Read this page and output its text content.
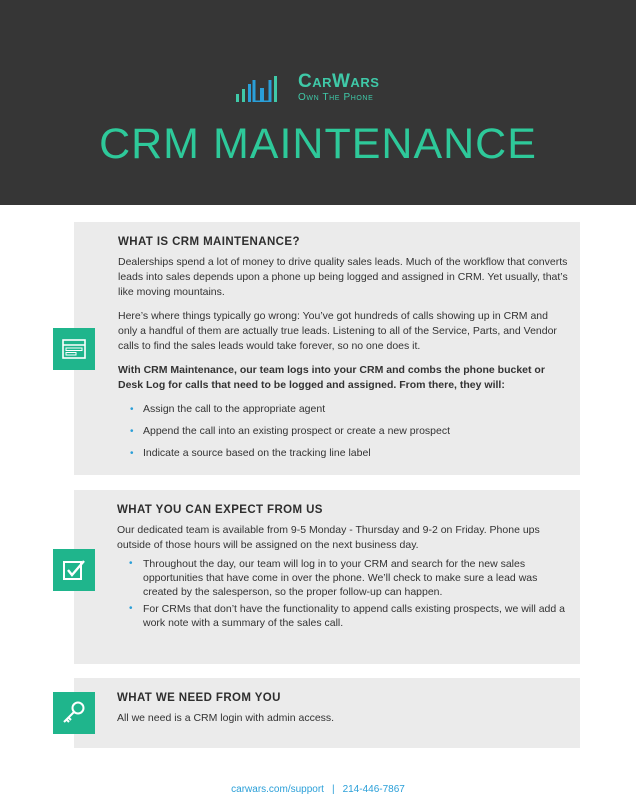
CarWars
Own The Phone
CRM MAINTENANCE
WHAT IS CRM MAINTENANCE?

Dealerships spend a lot of money to drive quality sales leads. Much of the workflow that converts leads into sales depends upon a phone up being logged and assigned in CRM. Yet usually, that’s like moving mountains.

Here’s where things typically go wrong: You’ve got hundreds of calls showing up in CRM and only a handful of them are actually true leads. Listening to all of the Service, Parts, and Vendor calls to find the sales leads would take forever, so no one does it.

With CRM Maintenance, our team logs into your CRM and combs the phone bucket or Desk Log for calls that need to be logged and assigned. From there, they will:

• Assign the call to the appropriate agent
• Append the call into an existing prospect or create a new prospect
• Indicate a source based on the tracking line label
WHAT YOU CAN EXPECT FROM US

Our dedicated team is available from 9-5 Monday - Thursday and 9-2 on Friday. Phone ups outside of those hours will be assigned on the next business day.

• Throughout the day, our team will log in to your CRM and search for the new sales opportunities that have come in over the phone. We’ll check to make sure a lead was created by the salesperson, so the proper follow-up can happen.
• For CRMs that don’t have the functionality to append calls existing prospects, we will add a work note with a summary of the sales call.
WHAT WE NEED FROM YOU

All we need is a CRM login with admin access.

carwars.com/support | 214-446-7867
